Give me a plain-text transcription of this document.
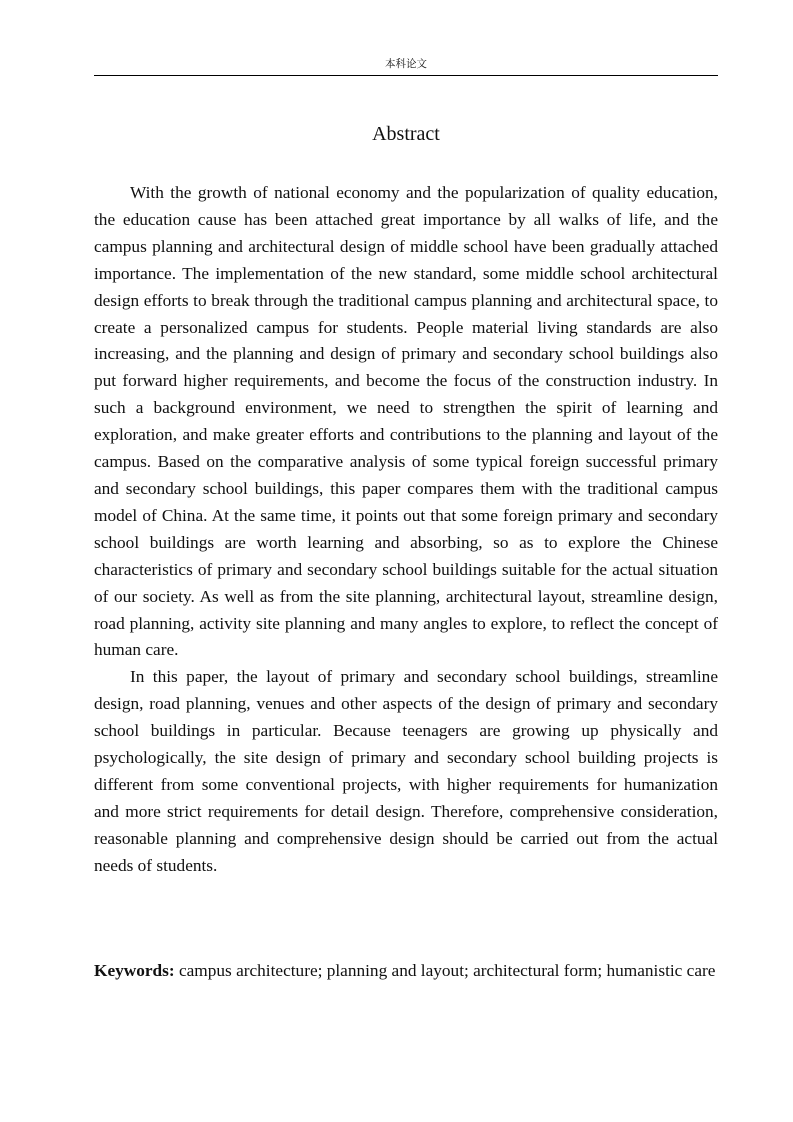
本科论文
Abstract

With the growth of national economy and the popularization of quality education, the education cause has been attached great importance by all walks of life, and the campus planning and architectural design of middle school have been gradually attached importance. The implementation of the new standard, some middle school architectural design efforts to break through the traditional campus planning and architectural space, to create a personalized campus for students. People material living standards are also increasing, and the planning and design of primary and secondary school buildings also put forward higher requirements, and become the focus of the construction industry. In such a background environment, we need to strengthen the spirit of learning and exploration, and make greater efforts and contributions to the planning and layout of the campus. Based on the comparative analysis of some typical foreign successful primary and secondary school buildings, this paper compares them with the traditional campus model of China. At the same time, it points out that some foreign primary and secondary school buildings are worth learning and absorbing, so as to explore the Chinese characteristics of primary and secondary school buildings suitable for the actual situation of our society. As well as from the site planning, architectural layout, streamline design, road planning, activity site planning and many angles to explore, to reflect the concept of human care.

In this paper, the layout of primary and secondary school buildings, streamline design, road planning, venues and other aspects of the design of primary and secondary school buildings in particular. Because teenagers are growing up physically and psychologically, the site design of primary and secondary school building projects is different from some conventional projects, with higher requirements for humanization and more strict requirements for detail design. Therefore, comprehensive consideration, reasonable planning and comprehensive design should be carried out from the actual needs of students.

Keywords: campus architecture; planning and layout; architectural form; humanistic care
